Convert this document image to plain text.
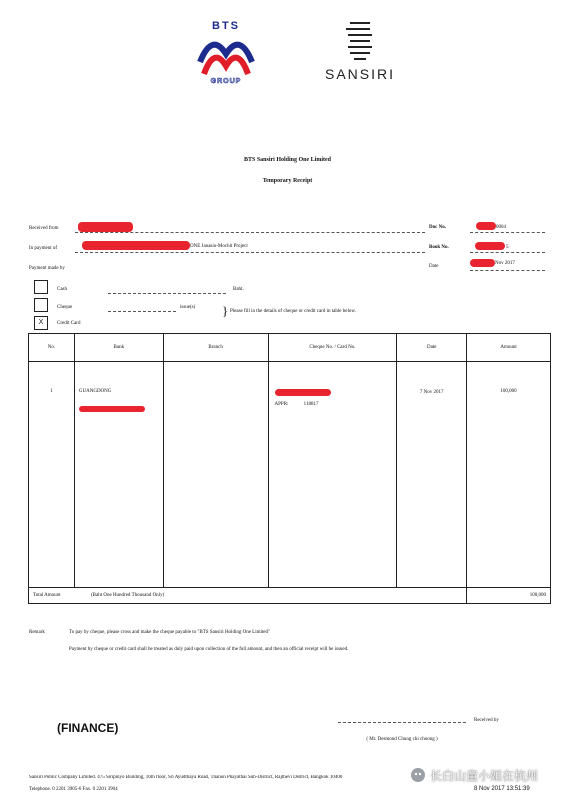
BTS
GROUP	SANSIRI
BTS Sansiri Holding One Limited
Temporary Receipt
Received from	Doc No.	0004
In payment of	ONE Janasio-Mochit Project	Book No.	5
Payment made by	Date
Nov 2017
Cash	Baht.
Cheque	issue(s)
X	Credit Card
} Please fill in the details of cheque or credit card in table below.
No.	Bank	Branch	Cheque No. / Card No.	Date	Amount
1	GUANGDONG		APPR: 118817	7 Nov 2017	100,000

Total Amount (Baht One Hundred Thousand Only)					100,000
Remark	To pay by cheque, please cross and make the cheque payable to "BTS Sansiri Holding One Limited"
Payment by cheque or credit card shall be treated as duly paid upon collection of the full amount, and then an official receipt will be issued.
(FINANCE)
Received by
( Mr. Desmond Chung chi choong )
Sansiri Public Company Limited. 475 Siripinyo Building, 16th floor, Sri Ayudthaya Road, Thanon Phayathai Sub-District, Rajthevi District, Bangkok 10400
Telephone. 0 2201 3905-6 Fax. 0 2201 3904	8 Nov 2017 13:51:39
长白山童小姐在杭州
